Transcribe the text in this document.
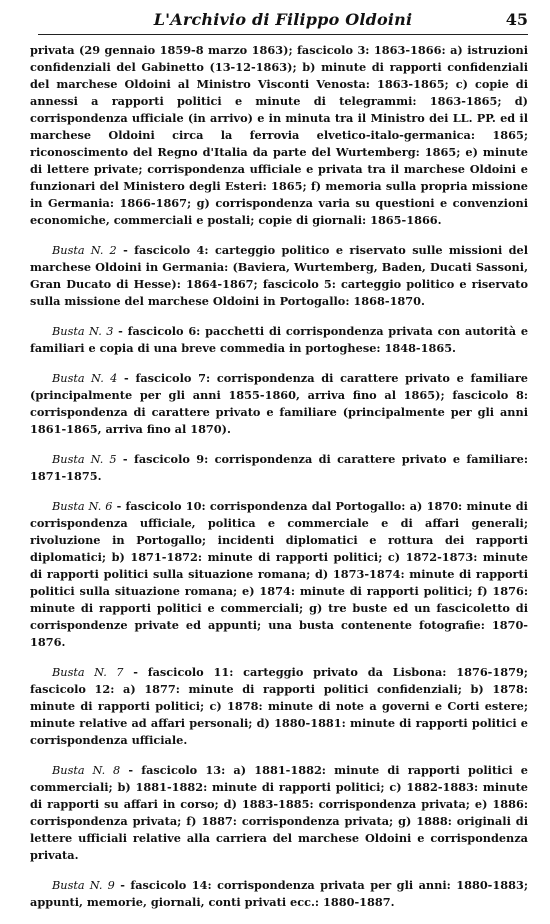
L'Archivio di Filippo Oldoini	45

privata (29 gennaio 1859-8 marzo 1863); fascicolo 3: 1863-1866: a) istruzioni confidenziali del Gabinetto (13-12-1863); b) minute di rapporti confidenziali del marchese Oldoini al Ministro Visconti Venosta: 1863-1865; c) copie di annessi a rapporti politici e minute di telegrammi: 1863-1865; d) corrispondenza ufficiale (in arrivo) e in minuta tra il Ministro dei LL. PP. ed il marchese Oldoini circa la ferrovia elvetico-italo-germanica: 1865; riconoscimento del Regno d'Italia da parte del Wurtemberg: 1865; e) minute di lettere private; corrispondenza ufficiale e privata tra il marchese Oldoini e funzionari del Ministero degli Esteri: 1865; f) memoria sulla propria missione in Germania: 1866-1867; g) corrispondenza varia su questioni e convenzioni economiche, commerciali e postali; copie di giornali: 1865-1866.

Busta N. 2 - fascicolo 4: carteggio politico e riservato sulle missioni del marchese Oldoini in Germania: (Baviera, Wurtemberg, Baden, Ducati Sassoni, Gran Ducato di Hesse): 1864-1867; fascicolo 5: carteggio politico e riservato sulla missione del marchese Oldoini in Portogallo: 1868-1870.

Busta N. 3 - fascicolo 6: pacchetti di corrispondenza privata con autorità e familiari e copia di una breve commedia in portoghese: 1848-1865.

Busta N. 4 - fascicolo 7: corrispondenza di carattere privato e familiare (principalmente per gli anni 1855-1860, arriva fino al 1865); fascicolo 8: corrispondenza di carattere privato e familiare (principalmente per gli anni 1861-1865, arriva fino al 1870).

Busta N. 5 - fascicolo 9: corrispondenza di carattere privato e familiare: 1871-1875.

Busta N. 6 - fascicolo 10: corrispondenza dal Portogallo: a) 1870: minute di corrispondenza ufficiale, politica e commerciale e di affari generali; rivoluzione in Portogallo; incidenti diplomatici e rottura dei rapporti diplomatici; b) 1871-1872: minute di rapporti politici; c) 1872-1873: minute di rapporti politici sulla situazione romana; d) 1873-1874: minute di rapporti politici sulla situazione romana; e) 1874: minute di rapporti politici; f) 1876: minute di rapporti politici e commerciali; g) tre buste ed un fascicoletto di corrispondenze private ed appunti; una busta contenente fotografie: 1870-1876.

Busta N. 7 - fascicolo 11: carteggio privato da Lisbona: 1876-1879; fascicolo 12: a) 1877: minute di rapporti politici confidenziali; b) 1878: minute di rapporti politici; c) 1878: minute di note a governi e Corti estere; minute relative ad affari personali; d) 1880-1881: minute di rapporti politici e corrispondenza ufficiale.

Busta N. 8 - fascicolo 13: a) 1881-1882: minute di rapporti politici e commerciali; b) 1881-1882: minute di rapporti politici; c) 1882-1883: minute di rapporti su affari in corso; d) 1883-1885: corrispondenza privata; e) 1886: corrispondenza privata; f) 1887: corrispondenza privata; g) 1888: originali di lettere ufficiali relative alla carriera del marchese Oldoini e corrispondenza privata.

Busta N. 9 - fascicolo 14: corrispondenza privata per gli anni: 1880-1883; appunti, memorie, giornali, conti privati ecc.: 1880-1887.
